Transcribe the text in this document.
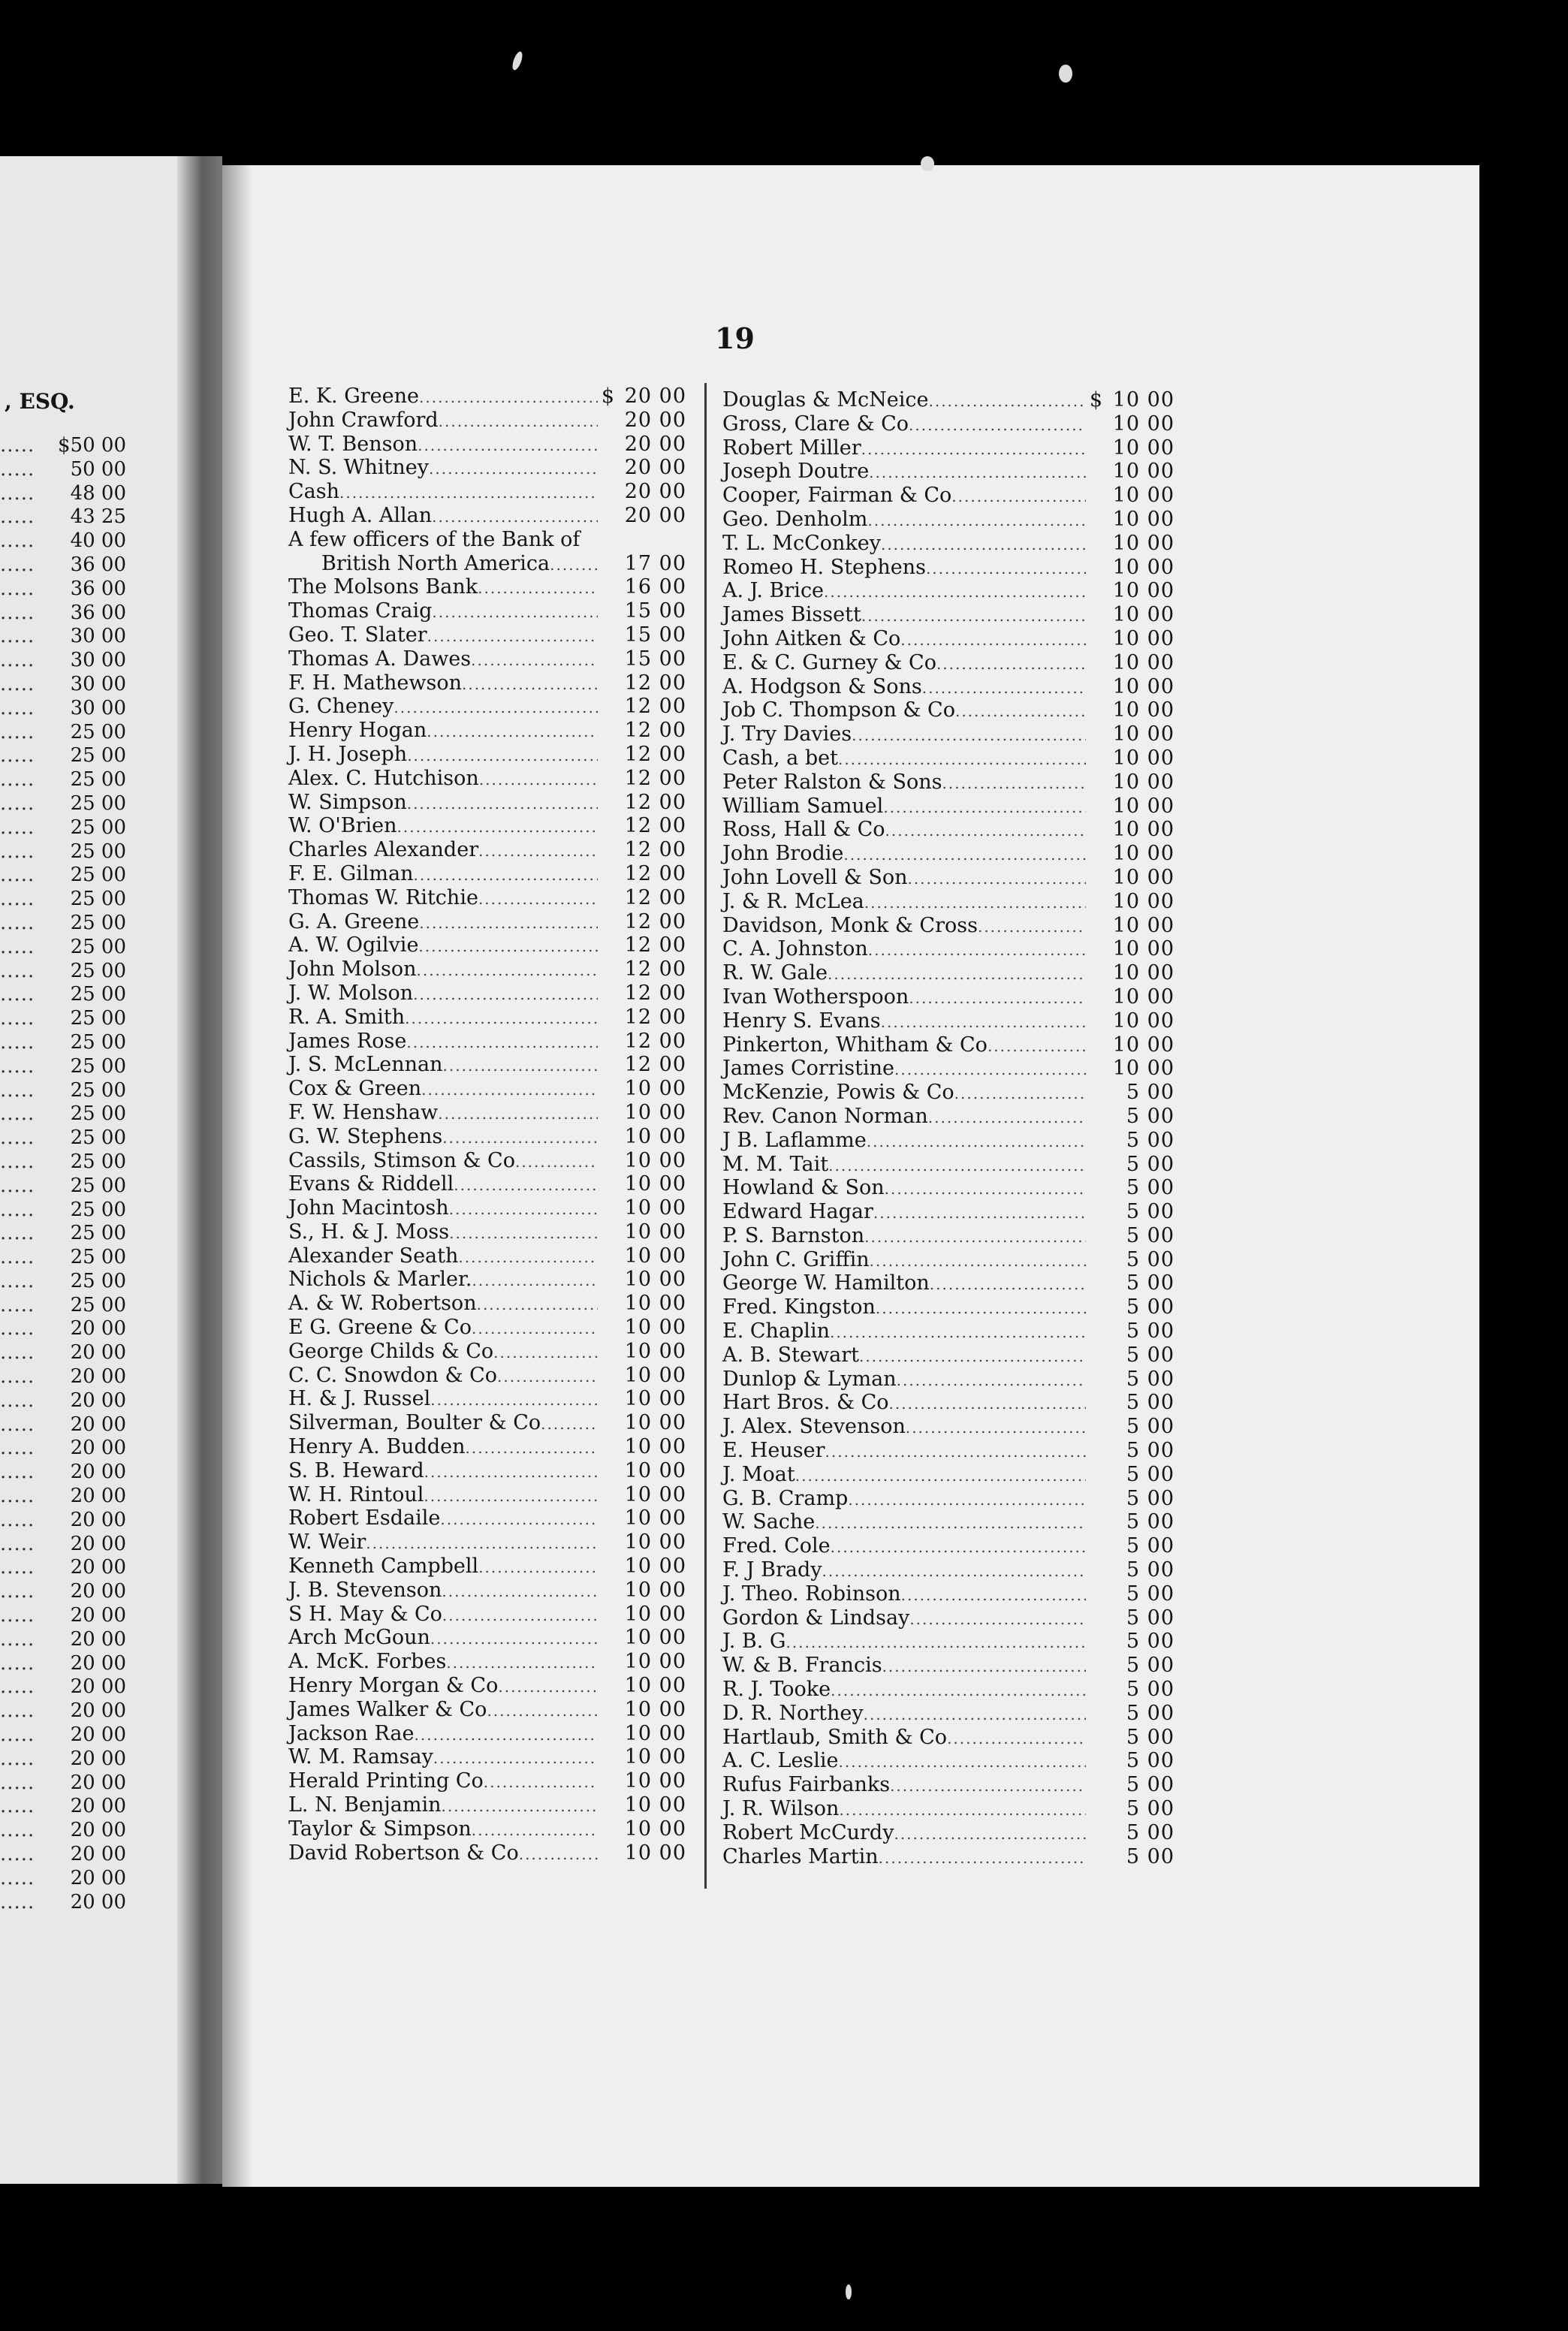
, ESQ.
..... $50 00
..... 50 00
..... 48 00
..... 43 25
..... 40 00
..... 36 00
..... 36 00
..... 36 00
..... 30 00
..... 30 00
..... 30 00
..... 30 00
..... 25 00
..... 25 00
..... 25 00
..... 25 00
..... 25 00
..... 25 00
..... 25 00
..... 25 00
..... 25 00
..... 25 00
..... 25 00
..... 25 00
..... 25 00
..... 25 00
..... 25 00
..... 25 00
..... 25 00
..... 25 00
..... 25 00
..... 25 00
..... 25 00
..... 25 00
..... 25 00
..... 25 00
..... 25 00
..... 20 00
..... 20 00
..... 20 00
..... 20 00
..... 20 00
..... 20 00
..... 20 00
..... 20 00
..... 20 00
..... 20 00
..... 20 00
..... 20 00
..... 20 00
..... 20 00
..... 20 00
..... 20 00
..... 20 00
..... 20 00
..... 20 00
..... 20 00
..... 20 00
..... 20 00
..... 20 00
..... 20 00
..... 20 00
19
E. K. Greene .....	$ 20 00
John Crawford .....	20 00
W. T. Benson .....	20 00
N. S. Whitney .....	20 00
Cash .....	20 00
Hugh A. Allan .....	20 00
A few officers of the Bank of
British North America .....	17 00
The Molsons Bank .....	16 00
Thomas Craig .....	15 00
Geo. T. Slater .....	15 00
Thomas A. Dawes .....	15 00
F. H. Mathewson .....	12 00
G. Cheney .....	12 00
Henry Hogan .....	12 00
J. H. Joseph .....	12 00
Alex. C. Hutchison .....	12 00
W. Simpson .....	12 00
W. O'Brien .....	12 00
Charles Alexander .....	12 00
F. E. Gilman .....	12 00
Thomas W. Ritchie .....	12 00
G. A. Greene .....	12 00
A. W. Ogilvie .....	12 00
John Molson .....	12 00
J. W. Molson .....	12 00
R. A. Smith .....	12 00
James Rose .....	12 00
J. S. McLennan .....	12 00
Cox & Green .....	10 00
F. W. Henshaw .....	10 00
G. W. Stephens .....	10 00
Cassils, Stimson & Co .....	10 00
Evans & Riddell .....	10 00
John Macintosh .....	10 00
S., H. & J. Moss .....	10 00
Alexander Seath .....	10 00
Nichols & Marler. .....	10 00
A. & W. Robertson .....	10 00
E G. Greene & Co .....	10 00
George Childs & Co .....	10 00
C. C. Snowdon & Co .....	10 00
H. & J. Russel .....	10 00
Silverman, Boulter & Co .....	10 00
Henry A. Budden .....	10 00
S. B. Heward .....	10 00
W. H. Rintoul .....	10 00
Robert Esdaile .....	10 00
W. Weir .....	10 00
Kenneth Campbell .....	10 00
J. B. Stevenson .....	10 00
S H. May & Co .....	10 00
Arch McGoun .....	10 00
A. McK. Forbes .....	10 00
Henry Morgan & Co .....	10 00
James Walker & Co .....	10 00
Jackson Rae .....	10 00
W. M. Ramsay .....	10 00
Herald Printing Co .....	10 00
L. N. Benjamin .....	10 00
Taylor & Simpson .....	10 00
David Robertson & Co .....	10 00
Douglas & McNeice .....	$ 10 00
Gross, Clare & Co .....	10 00
Robert Miller .....	10 00
Joseph Doutre .....	10 00
Cooper, Fairman & Co .....	10 00
Geo. Denholm .....	10 00
T. L. McConkey .....	10 00
Romeo H. Stephens .....	10 00
A. J. Brice .....	10 00
James Bissett .....	10 00
John Aitken & Co .....	10 00
E. & C. Gurney & Co .....	10 00
A. Hodgson & Sons .....	10 00
Job C. Thompson & Co .....	10 00
J. Try Davies .....	10 00
Cash, a bet .....	10 00
Peter Ralston & Sons .....	10 00
William Samuel .....	10 00
Ross, Hall & Co .....	10 00
John Brodie .....	10 00
John Lovell & Son .....	10 00
J. & R. McLea .....	10 00
Davidson, Monk & Cross .....	10 00
C. A. Johnston .....	10 00
R. W. Gale .....	10 00
Ivan Wotherspoon .....	10 00
Henry S. Evans .....	10 00
Pinkerton, Whitham & Co .....	10 00
James Corristine .....	10 00
McKenzie, Powis & Co .....	5 00
Rev. Canon Norman .....	5 00
J B. Laflamme .....	5 00
M. M. Tait .....	5 00
Howland & Son .....	5 00
Edward Hagar .....	5 00
P. S. Barnston .....	5 00
John C. Griffin .....	5 00
George W. Hamilton .....	5 00
Fred. Kingston .....	5 00
E. Chaplin .....	5 00
A. B. Stewart .....	5 00
Dunlop & Lyman .....	5 00
Hart Bros. & Co .....	5 00
J. Alex. Stevenson .....	5 00
E. Heuser .....	5 00
J. Moat .....	5 00
G. B. Cramp .....	5 00
W. Sache .....	5 00
Fred. Cole .....	5 00
F. J Brady .....	5 00
J. Theo. Robinson .....	5 00
Gordon & Lindsay .....	5 00
J. B. G .....	5 00
W. & B. Francis .....	5 00
R. J. Tooke .....	5 00
D. R. Northey .....	5 00
Hartlaub, Smith & Co .....	5 00
A. C. Leslie .....	5 00
Rufus Fairbanks .....	5 00
J. R. Wilson .....	5 00
Robert McCurdy .....	5 00
Charles Martin .....	5 00
